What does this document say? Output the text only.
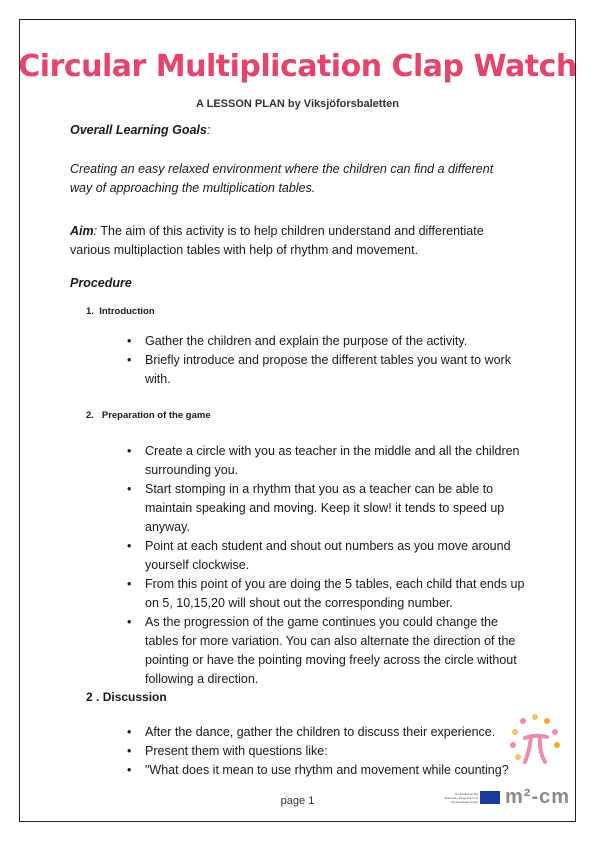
Circular Multiplication Clap Watch
A LESSON PLAN by Viksjöforsbaletten
Overall Learning Goals:
Creating an easy relaxed environment where the children can find a different
way of approaching the multiplication tables.
Aim: The aim of this activity is to help children understand and differentiate
various multiplaction tables with help of rhythm and movement.
Procedure
1. Introduction
• Gather the children and explain the purpose of the activity.
• Briefly introduce and propose the different tables you want to work with.
2. Preparation of the game
• Create a circle with you as teacher in the middle and all the children surrounding you.
• Start stomping in a rhythm that you as a teacher can be able to maintain speaking and moving. Keep it slow! it tends to speed up anyway.
• Point at each student and shout out numbers as you move around yourself clockwise.
• From this point of you are doing the 5 tables, each child that ends up on 5, 10,15,20 will shout out the corresponding number.
• As the progression of the game continues you could change the tables for more variation. You can also alternate the direction of the pointing or have the pointing moving freely across the circle without following a direction.
2 . Discussion
• After the dance, gather the children to discuss their experience.
• Present them with questions like:
• "What does it mean to use rhythm and movement while counting?
page 1
Co-funded by the Erasmus+ Programme of the European Union m²-cm
